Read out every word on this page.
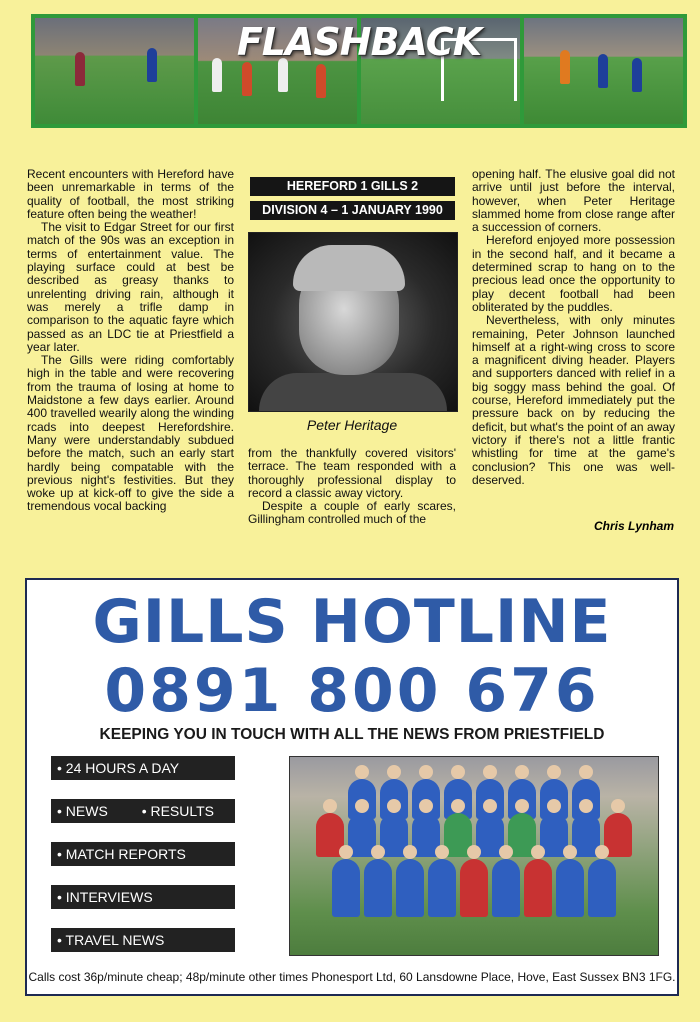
FLASHBACK

Recent encounters with Hereford have been unremarkable in terms of the quality of football, the most striking feature often being the weather!

The visit to Edgar Street for our first match of the 90s was an exception in terms of entertainment value. The playing surface could at best be described as greasy thanks to unrelenting driving rain, although it was merely a trifle damp in comparison to the aquatic fayre which passed as an LDC tie at Priestfield a year later.

The Gills were riding comfortably high in the table and were recovering from the trauma of losing at home to Maidstone a few days earlier. Around 400 travelled wearily along the winding rcads into deepest Herefordshire. Many were understandably subdued before the match, such an early start hardly being compatable with the previous night's festivities. But they woke up at kick-off to give the side a tremendous vocal backing

opening half. The elusive goal did not arrive until just before the interval, however, when Peter Heritage slammed home from close range after a succession of corners.

Hereford enjoyed more possession in the second half, and it became a determined scrap to hang on to the precious lead once the opportunity to play decent football had been obliterated by the puddles.

Nevertheless, with only minutes remaining, Peter Johnson launched himself at a right-wing cross to score a magnificent diving header. Players and supporters danced with relief in a big soggy mass behind the goal. Of course, Hereford immediately put the pressure back on by reducing the deficit, but what's the point of an away victory if there's not a little frantic whistling for time at the game's conclusion? This one was well-deserved.

from the thankfully covered visitors' terrace. The team responded with a thoroughly professional display to record a classic away victory.

Despite a couple of early scares, Gillingham controlled much of the

HEREFORD 1 GILLS 2
DIVISION 4 – 1 JANUARY 1990
Peter Heritage
Chris Lynham
GILLS HOTLINE
0891 800 676
KEEPING YOU IN TOUCH WITH ALL THE NEWS FROM PRIESTFIELD
• 24 HOURS A DAY
• NEWS • RESULTS
• MATCH REPORTS
• INTERVIEWS
• TRAVEL NEWS
Calls cost 36p/minute cheap; 48p/minute other times Phonesport Ltd, 60 Lansdowne Place, Hove, East Sussex BN3 1FG.
